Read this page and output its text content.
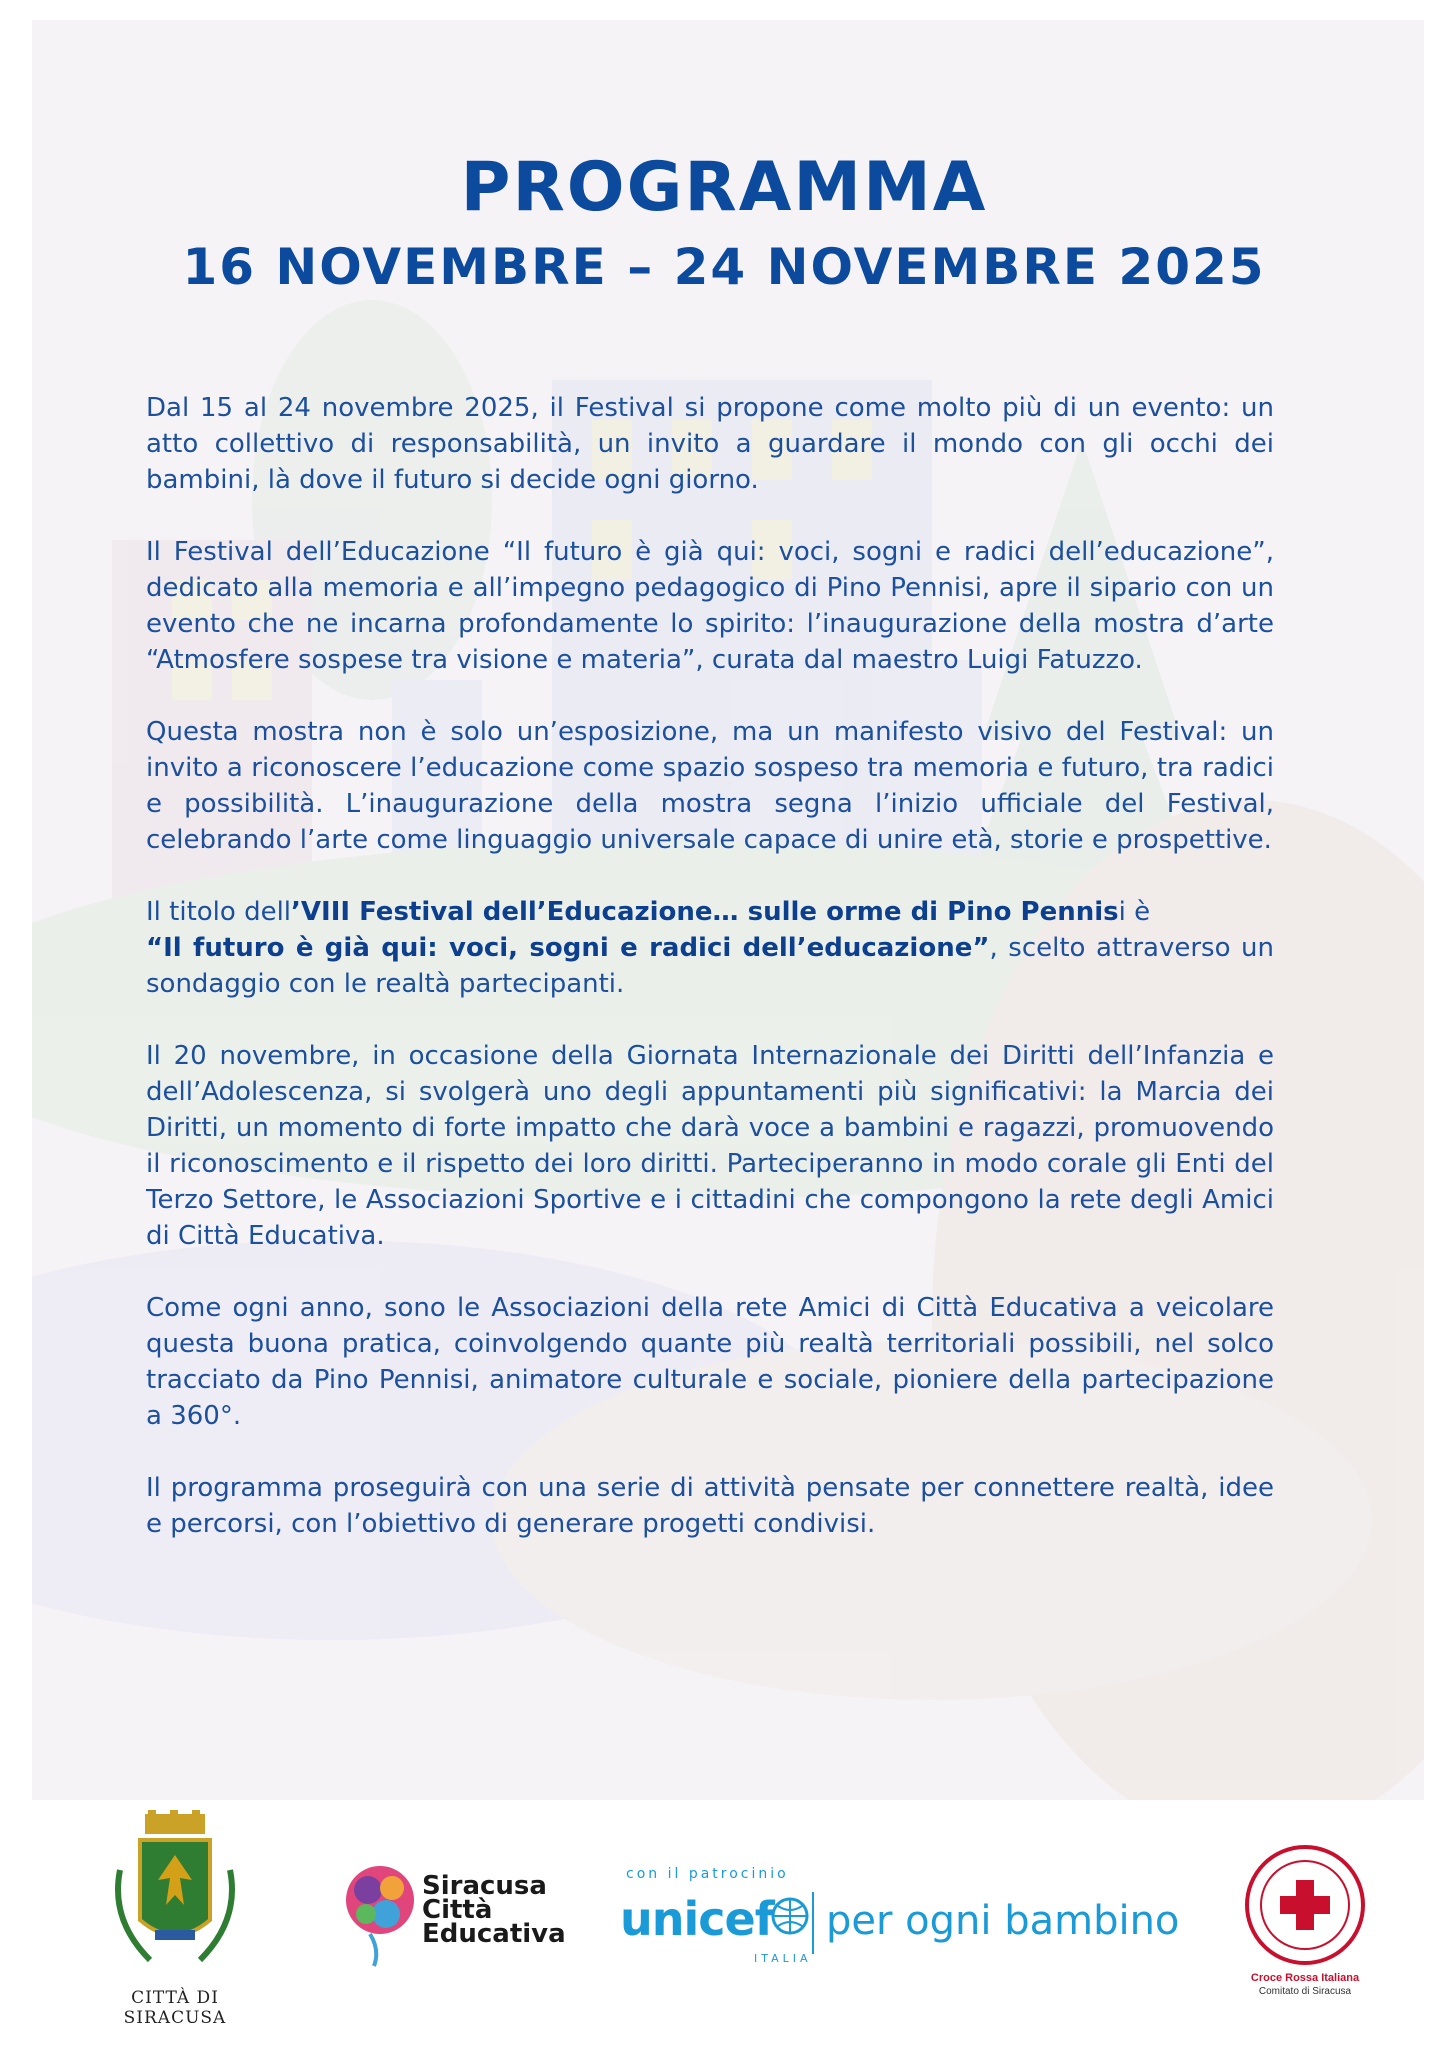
PROGRAMMA
16 NOVEMBRE – 24 NOVEMBRE 2025

Dal 15 al 24 novembre 2025, il Festival si propone come molto più di un evento: un atto collettivo di responsabilità, un invito a guardare il mondo con gli occhi dei bambini, là dove il futuro si decide ogni giorno.

Il Festival dell’Educazione “Il futuro è già qui: voci, sogni e radici dell’educazione”, dedicato alla memoria e all’impegno pedagogico di Pino Pennisi, apre il sipario con un evento che ne incarna profondamente lo spirito: l’inaugurazione della mostra d’arte “Atmosfere sospese tra visione e materia”, curata dal maestro Luigi Fatuzzo.

Questa mostra non è solo un’esposizione, ma un manifesto visivo del Festival: un invito a riconoscere l’educazione come spazio sospeso tra memoria e futuro, tra radici e possibilità. L’inaugurazione della mostra segna l’inizio ufficiale del Festival, celebrando l’arte come linguaggio universale capace di unire età, storie e prospettive.

Il titolo dell’VIII Festival dell’Educazione… sulle orme di Pino Pennisi è
“Il futuro è già qui: voci, sogni e radici dell’educazione”, scelto attraverso un sondaggio con le realtà partecipanti.

Il 20 novembre, in occasione della Giornata Internazionale dei Diritti dell’Infanzia e dell’Adolescenza, si svolgerà uno degli appuntamenti più significativi: la Marcia dei Diritti, un momento di forte impatto che darà voce a bambini e ragazzi, promuovendo il riconoscimento e il rispetto dei loro diritti. Parteciperanno in modo corale gli Enti del Terzo Settore, le Associazioni Sportive e i cittadini che compongono la rete degli Amici di Città Educativa.

Come ogni anno, sono le Associazioni della rete Amici di Città Educativa a veicolare questa buona pratica, coinvolgendo quante più realtà territoriali possibili, nel solco tracciato da Pino Pennisi, animatore culturale e sociale, pioniere della partecipazione a 360°.

Il programma proseguirà con una serie di attività pensate per connettere realtà, idee e percorsi, con l’obiettivo di generare progetti condivisi.

CITTÀ DI SIRACUSA
Siracusa
Città
Educativa
con il patrocinio
unicef
ITALIA
per ogni bambino
Croce Rossa Italiana
Comitato di Siracusa
